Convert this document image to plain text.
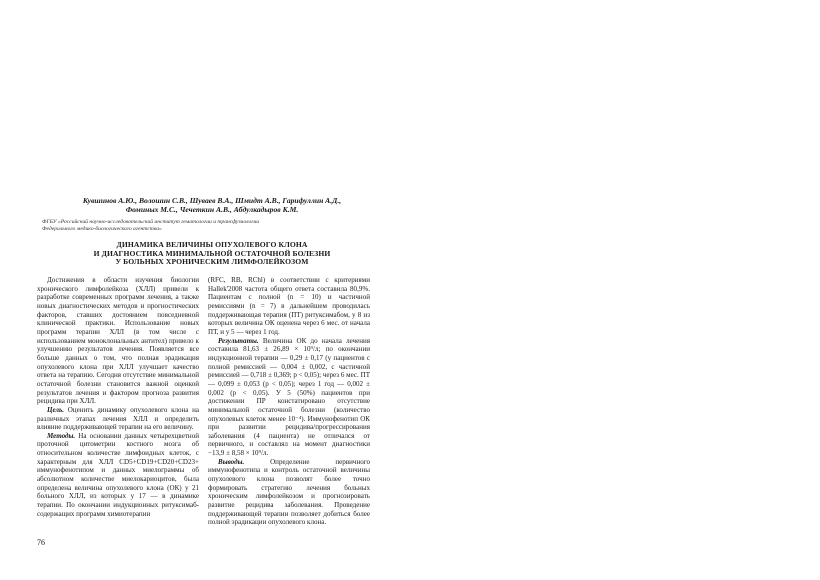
Кувшинов А.Ю., Волошин С.В., Шуваев В.А., Шмидт А.В., Гарифуллин А.Д.,
Фоминых М.С., Чечеткин А.В., Абдулкадыров К.М.
ФГБУ «Российский научно-исследовательский институт гематологии и трансфузиологии
Федерального медико-биологического агентства»
ДИНАМИКА ВЕЛИЧИНЫ ОПУХОЛЕВОГО КЛОНА
И ДИАГНОСТИКА МИНИМАЛЬНОЙ ОСТАТОЧНОЙ БОЛЕЗНИ
У БОЛЬНЫХ ХРОНИЧЕСКИМ ЛИМФОЛЕЙКОЗОМ

Достижения в области изучения биологии хронического лимфолейкоза (ХЛЛ) привели к разработке современных программ лечения, а также новых диагностических методов и прогностических факторов, ставших достоянием повседневной клинической практики. Использование новых программ терапии ХЛЛ (в том числе с использованием моноклональных антител) привело к улучшению результатов лечения. Появляется все больше данных о том, что полная эрадикация опухолевого клона при ХЛЛ улучшает качество ответа на терапию. Сегодня отсутствие минимальной остаточной болезни становится важной оценкой результатов лечения и фактором прогноза развития рецидива при ХЛЛ.

Цель. Оценить динамику опухолевого клона на различных этапах лечения ХЛЛ и определить влияние поддерживающей терапии на его величину.

Методы. На основании данных четырехцветной проточной цитометрии костного мозга об относительном количестве лимфоидных клеток, с характерным для ХЛЛ CD5+CD19+CD20+CD23+ иммунофенотипом и данных миелограммы об абсолютном количестве миелокариоцитов, была определена величина опухолевого клона (ОК) у 21 больного ХЛЛ, из которых у 17 — в динамике терапии. По окончании индукционных ритуксимаб-содержащих программ химиотерапии

(RFC, RB, RChl) в соответствии с критериями Hallek'2008 частота общего ответа составила 80,9%. Пациентам с полной (n = 10) и частичной ремиссиями (n = 7) в дальнейшем проводилась поддерживающая терапия (ПТ) ритуксимабом, у 8 из которых величина ОК оценена через 6 мес. от начала ПТ, и у 5 — через 1 год.

Результаты. Величина ОК до начала лечения составила 81,63 ± 26,89 × 10⁹/л; по окончании индукционной терапии — 0,29 ± 0,17 (у пациентов с полной ремиссией — 0,004 ± 0,002, с частичной ремиссией — 0,718 ± 0,369; р < 0,05); через 6 мес. ПТ — 0,099 ± 0,053 (р < 0,05); через 1 год — 0,002 ± 0,002 (р < 0,05). У 5 (50%) пациентов при достижении ПР констатировано отсутствие минимальной остаточной болезни (количество опухолевых клеток менее 10⁻⁴). Иммунофенотип ОК при развитии рецидива/прогрессирования заболевания (4 пациента) не отличался от первичного, и составлял на момент диагностики −13,9 ± 8,58 × 10⁹/л.

Выводы. Определение первичного иммунофенотипа и контроль остаточной величины опухолевого клона позволят более точно формировать стратегию лечения больных хроническим лимфолейкозом и прогнозировать развитие рецидива заболевания. Проведение поддерживающей терапии позволяет добиться более полной эрадикации опухолевого клона.

76
